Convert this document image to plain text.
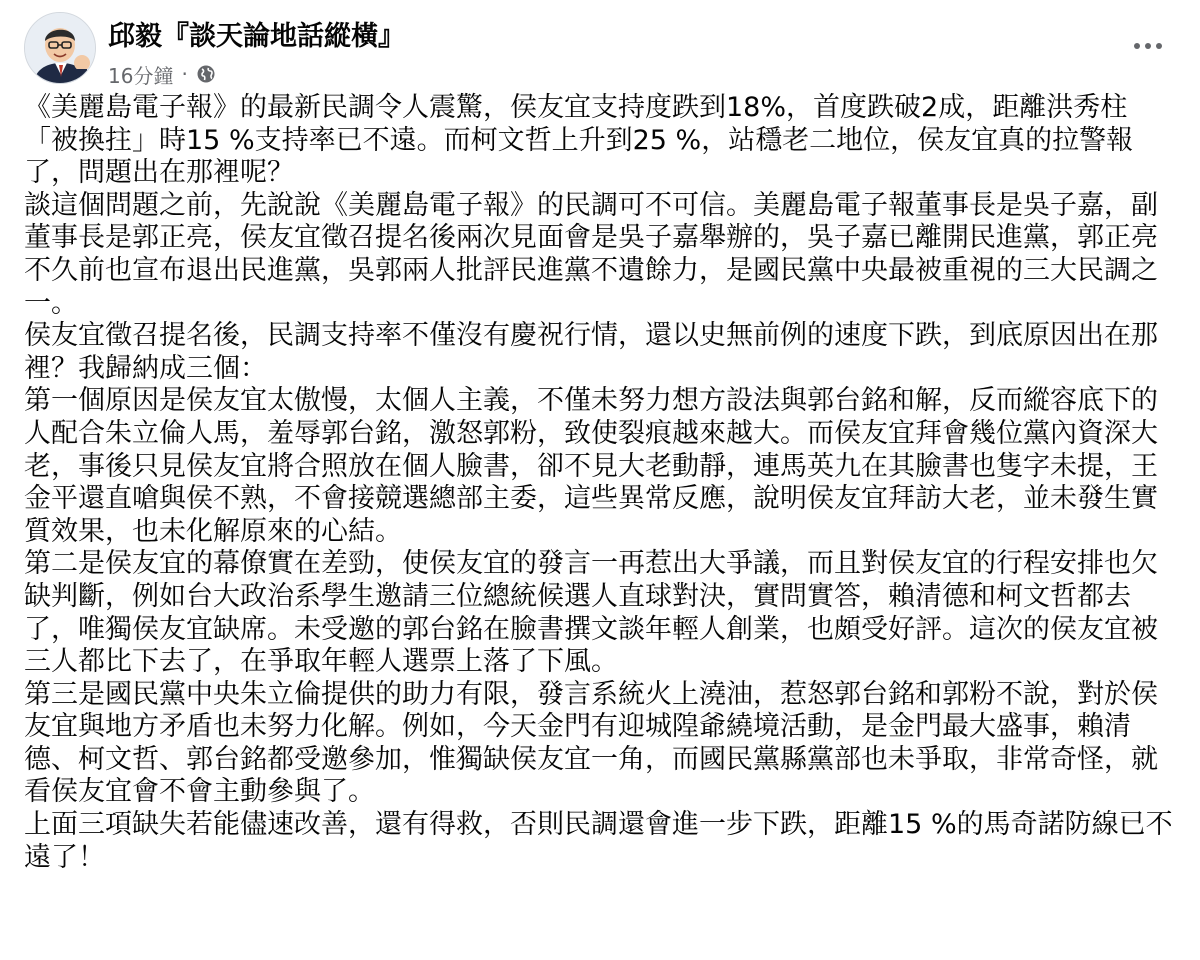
邱毅『談天論地話縱橫』
16分鐘 ·

《美麗島電子報》的最新民調令人震驚，侯友宜支持度跌到18%，首度跌破2成，距離洪秀柱
「被換拄」時15 %支持率已不遠。而柯文哲上升到25 %，站穩老二地位，侯友宜真的拉警報
了，問題出在那裡呢？

談這個問題之前，先說說《美麗島電子報》的民調可不可信。美麗島電子報董事長是吳子嘉，副
董事長是郭正亮，侯友宜徵召提名後兩次見面會是吳子嘉舉辦的，吳子嘉已離開民進黨，郭正亮
不久前也宣布退出民進黨，吳郭兩人批評民進黨不遺餘力，是國民黨中央最被重視的三大民調之
一。

侯友宜徵召提名後，民調支持率不僅沒有慶祝行情，還以史無前例的速度下跌，到底原因出在那
裡？我歸納成三個：

第一個原因是侯友宜太傲慢，太個人主義，不僅未努力想方設法與郭台銘和解，反而縱容底下的
人配合朱立倫人馬，羞辱郭台銘，激怒郭粉，致使裂痕越來越大。而侯友宜拜會幾位黨內資深大
老，事後只見侯友宜將合照放在個人臉書，卻不見大老動靜，連馬英九在其臉書也隻字未提，王
金平還直嗆與侯不熟，不會接競選總部主委，這些異常反應，說明侯友宜拜訪大老，並未發生實
質效果，也未化解原來的心結。

第二是侯友宜的幕僚實在差勁，使侯友宜的發言一再惹出大爭議，而且對侯友宜的行程安排也欠
缺判斷，例如台大政治系學生邀請三位總統候選人直球對決，實問實答，賴清德和柯文哲都去
了，唯獨侯友宜缺席。未受邀的郭台銘在臉書撰文談年輕人創業，也頗受好評。這次的侯友宜被
三人都比下去了，在爭取年輕人選票上落了下風。

第三是國民黨中央朱立倫提供的助力有限，發言系統火上澆油，惹怒郭台銘和郭粉不說，對於侯
友宜與地方矛盾也未努力化解。例如，今天金門有迎城隍爺繞境活動，是金門最大盛事，賴清
德、柯文哲、郭台銘都受邀參加，惟獨缺侯友宜一角，而國民黨縣黨部也未爭取，非常奇怪，就
看侯友宜會不會主動參與了。

上面三項缺失若能儘速改善，還有得救，否則民調還會進一步下跌，距離15 %的馬奇諾防線已不
遠了！
